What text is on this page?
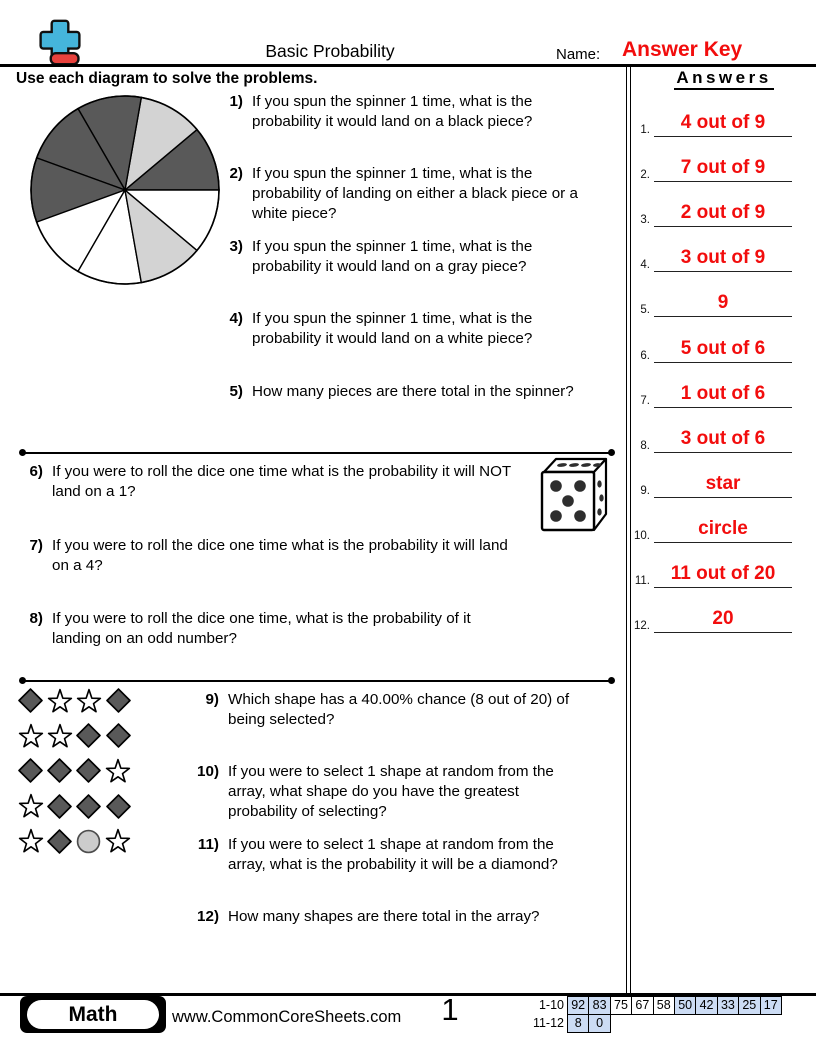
Basic Probability	Name: Answer Key
Use each diagram to solve the problems.
1) If you spun the spinner 1 time, what is the
probability it would land on a black piece?
2) If you spun the spinner 1 time, what is the
probability of landing on either a black piece or a
white piece?
3) If you spun the spinner 1 time, what is the
probability it would land on a gray piece?
4) If you spun the spinner 1 time, what is the
probability it would land on a white piece?
5) How many pieces are there total in the spinner?
6) If you were to roll the dice one time what is the probability it will NOT
land on a 1?
7) If you were to roll the dice one time what is the probability it will land
on a 4?
8) If you were to roll the dice one time, what is the probability of it
landing on an odd number?
9) Which shape has a 40.00% chance (8 out of 20) of
being selected?
10) If you were to select 1 shape at random from the
array, what shape do you have the greatest
probability of selecting?
11) If you were to select 1 shape at random from the
array, what is the probability it will be a diamond?
12) How many shapes are there total in the array?
Answers
1. 4 out of 9
2. 7 out of 9
3. 2 out of 9
4. 3 out of 9
5.	9
6. 5 out of 6
7. 1 out of 6
8. 3 out of 6
9.	star
10.	circle
11. 11 out of 20
12.	20
Math	www.CommonCoreSheets.com	1	1-10 92 83 75 67 58 50 42 33 25 17
11-12 8	0
